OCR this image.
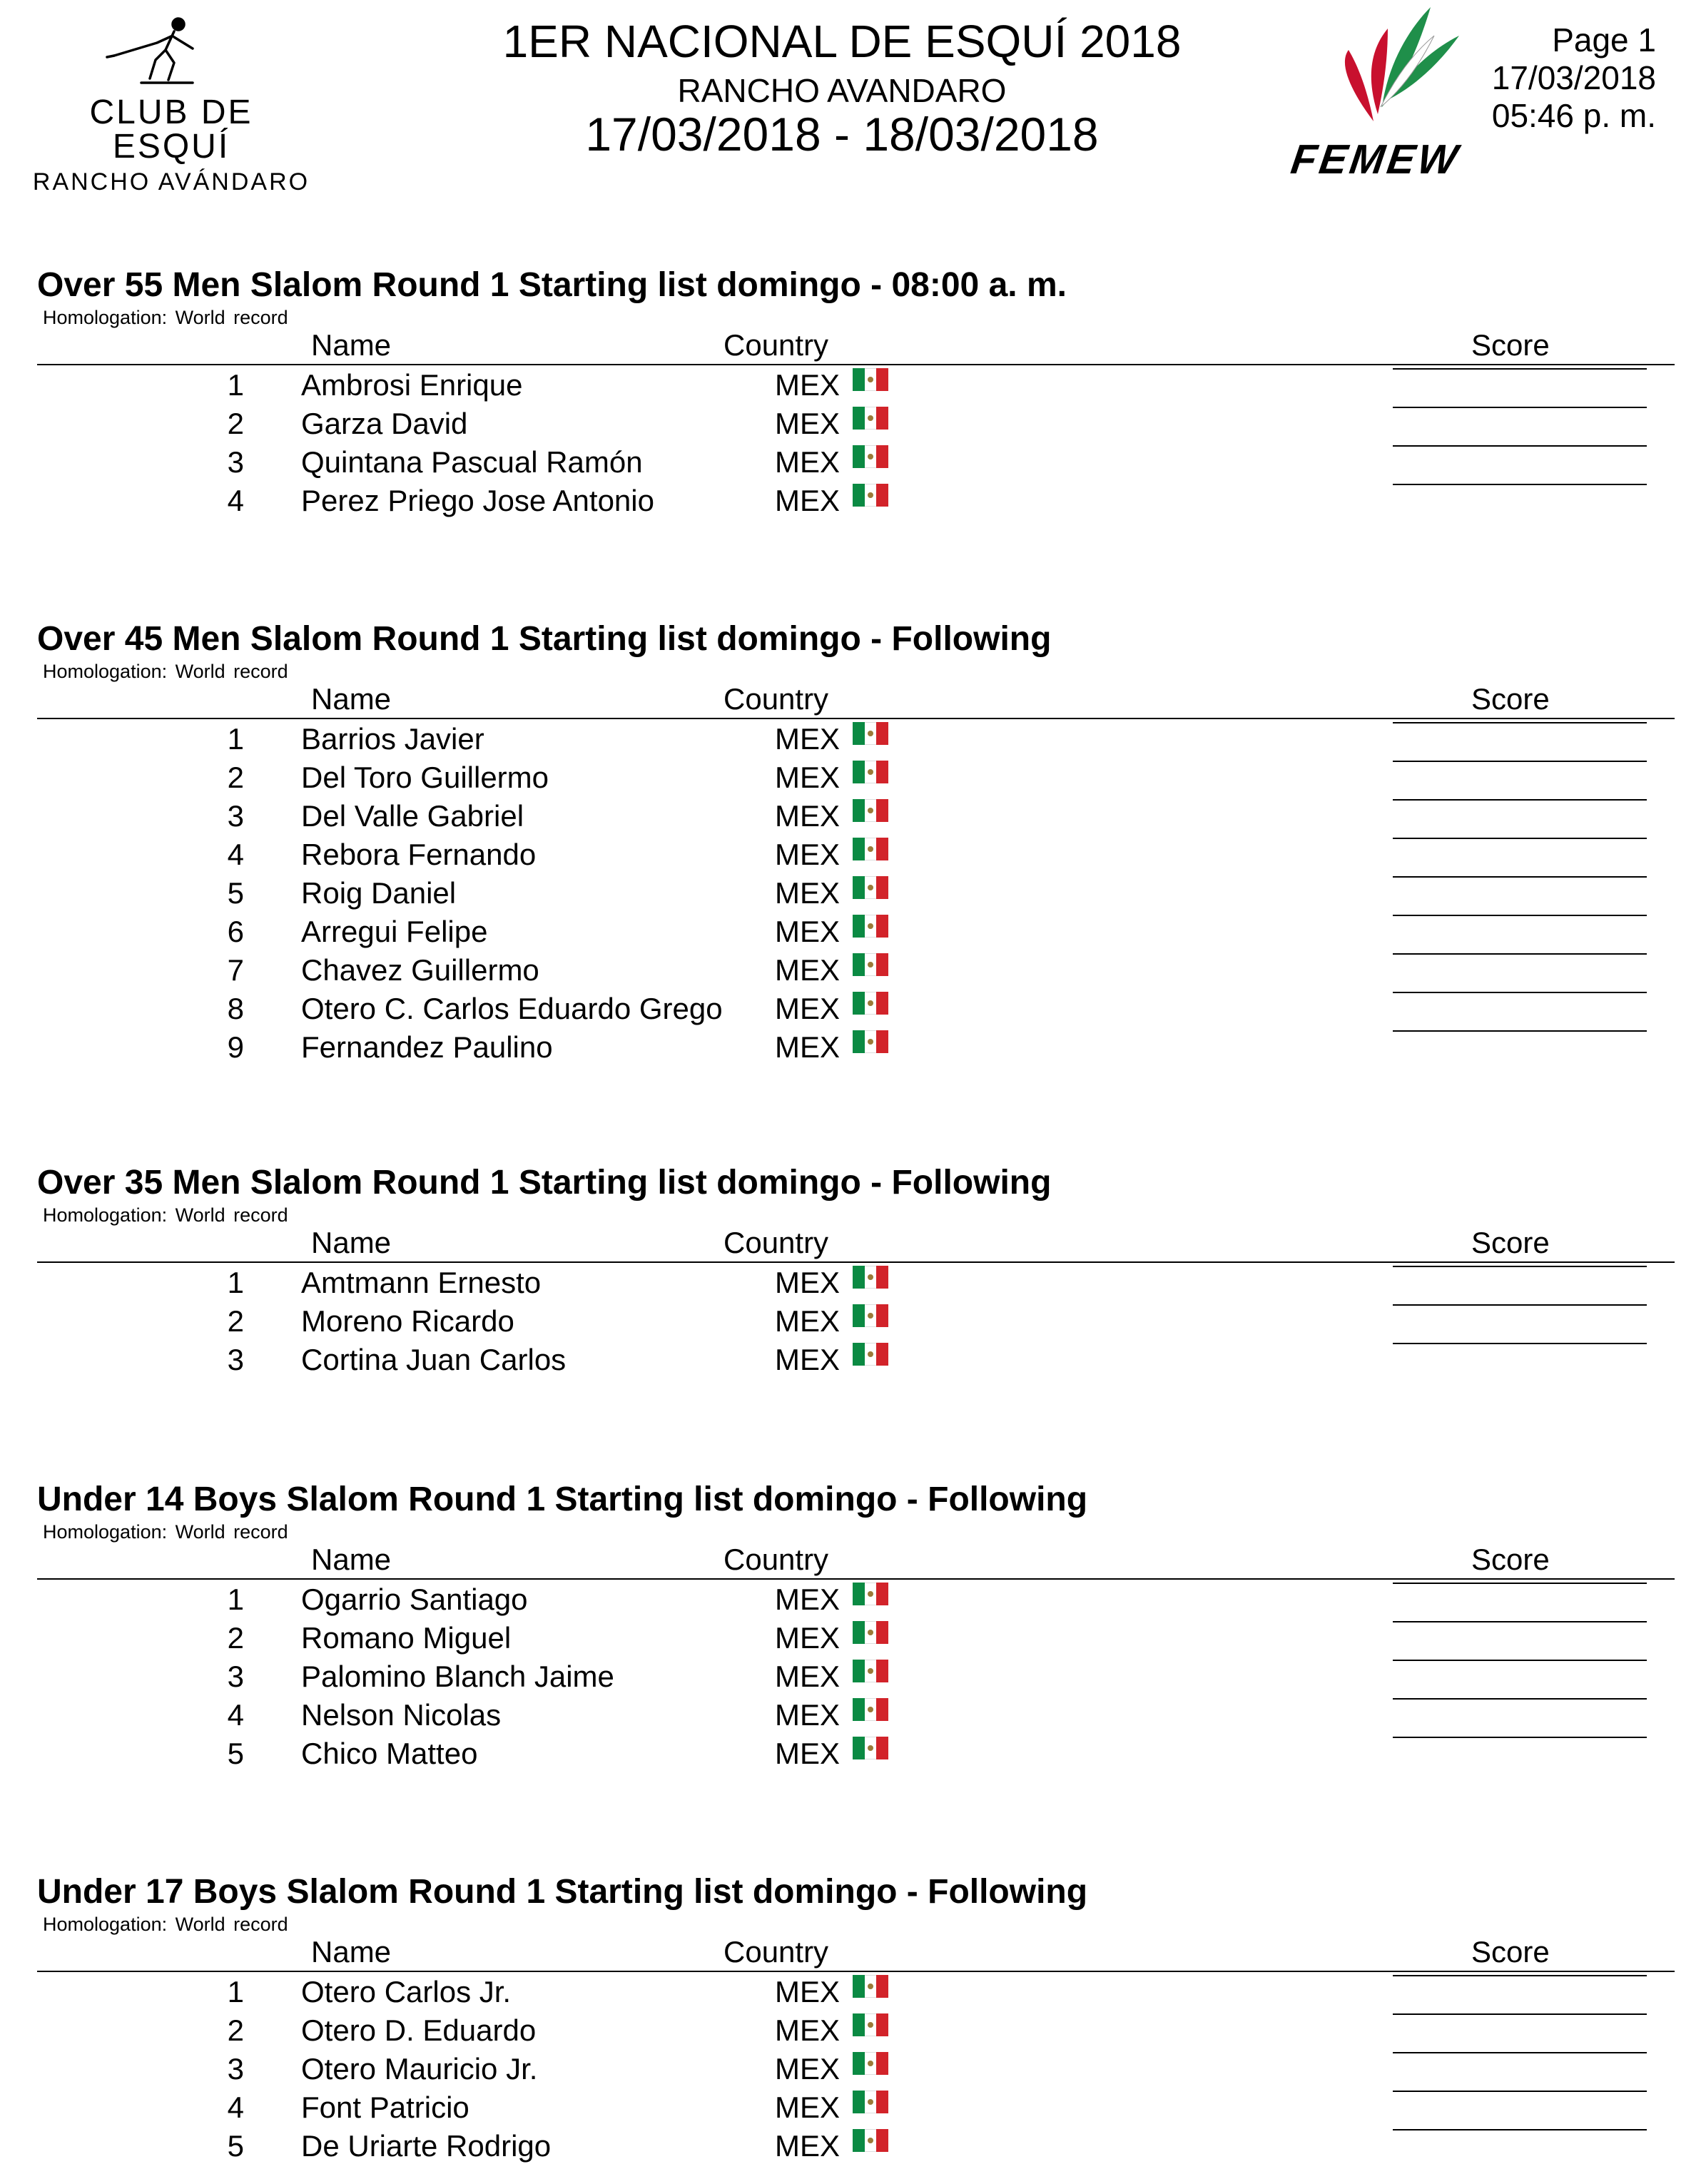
CLUB DE ESQUÍ
RANCHO AVÁNDARO
1ER NACIONAL DE ESQUÍ 2018
RANCHO AVANDARO
17/03/2018 - 18/03/2018	FEMEW
Page 1
17/03/2018
05:46 p. m.
Over 55 Men Slalom Round 1 Starting list domingo - 08:00 a. m.
Homologation: World record
Name	Country	Score
1 Ambrosi Enrique	MEX
2 Garza David	MEX
3 Quintana Pascual Ramón	MEX
4 Perez Priego Jose Antonio	MEX
Over 45 Men Slalom Round 1 Starting list domingo - Following
Homologation: World record
Name	Country	Score
1 Barrios Javier	MEX
2 Del Toro Guillermo	MEX
3 Del Valle Gabriel	MEX
4 Rebora Fernando	MEX
5 Roig Daniel	MEX
6 Arregui Felipe	MEX
7 Chavez Guillermo	MEX
8 Otero C. Carlos Eduardo Grego MEX
9 Fernandez Paulino	MEX
Over 35 Men Slalom Round 1 Starting list domingo - Following
Homologation: World record
Name	Country	Score
1 Amtmann Ernesto	MEX
2 Moreno Ricardo	MEX
3 Cortina Juan Carlos	MEX
Under 14 Boys Slalom Round 1 Starting list domingo - Following
Homologation: World record
Name	Country	Score
1 Ogarrio Santiago	MEX
2 Romano Miguel	MEX
3 Palomino Blanch Jaime	MEX
4 Nelson Nicolas	MEX
5 Chico Matteo	MEX
Under 17 Boys Slalom Round 1 Starting list domingo - Following
Homologation: World record
Name	Country	Score
1 Otero Carlos Jr.	MEX
2 Otero D. Eduardo	MEX
3 Otero Mauricio Jr.	MEX
4 Font Patricio	MEX
5 De Uriarte Rodrigo	MEX
